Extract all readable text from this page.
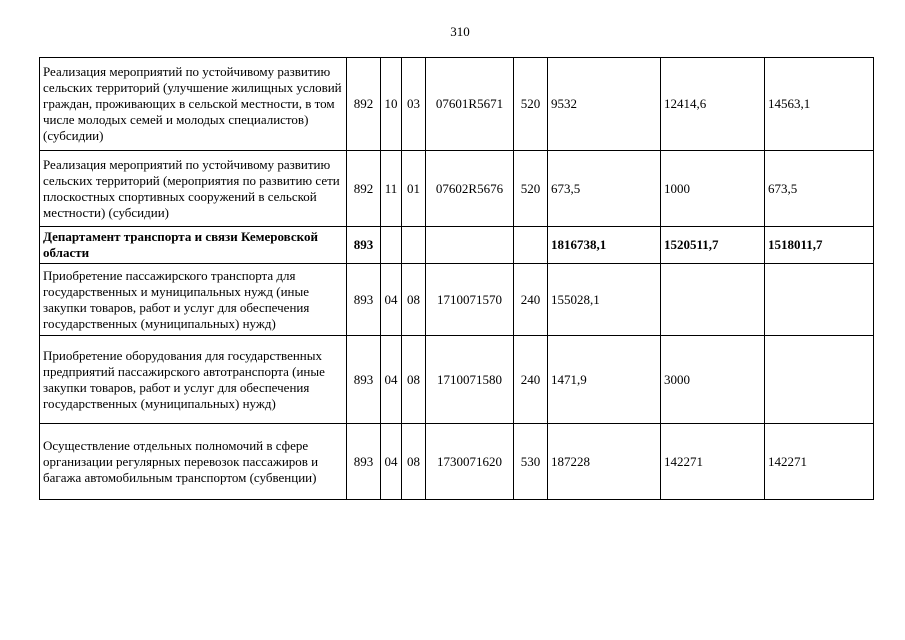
310
Реализация мероприятий по устойчивому развитию сельских территорий (улучшение жилищных условий граждан, проживающих в сельской местности, в том числе молодых семей и молодых специалистов) (субсидии)	892	10	03	07601R5671	520	9532	12414,6	14563,1
Реализация мероприятий по устойчивому развитию сельских территорий (мероприятия по развитию сети плоскостных спортивных сооружений в сельской местности) (субсидии)	892	11	01	07602R5676	520	673,5	1000	673,5
Департамент транспорта и связи Кемеровской области	893					1816738,1	1520511,7	1518011,7
Приобретение пассажирского транспорта для государственных и муниципальных нужд (иные закупки товаров, работ и услуг для обеспечения государственных (муниципальных) нужд)	893	04	08	1710071570	240	155028,1		
Приобретение оборудования для государственных предприятий пассажирского автотранспорта (иные закупки товаров, работ и услуг для обеспечения государственных (муниципальных) нужд)	893	04	08	1710071580	240	1471,9	3000	
Осуществление отдельных полномочий в сфере организации регулярных перевозок пассажиров и багажа автомобильным транспортом (субвенции)	893	04	08	1730071620	530	187228	142271	142271
